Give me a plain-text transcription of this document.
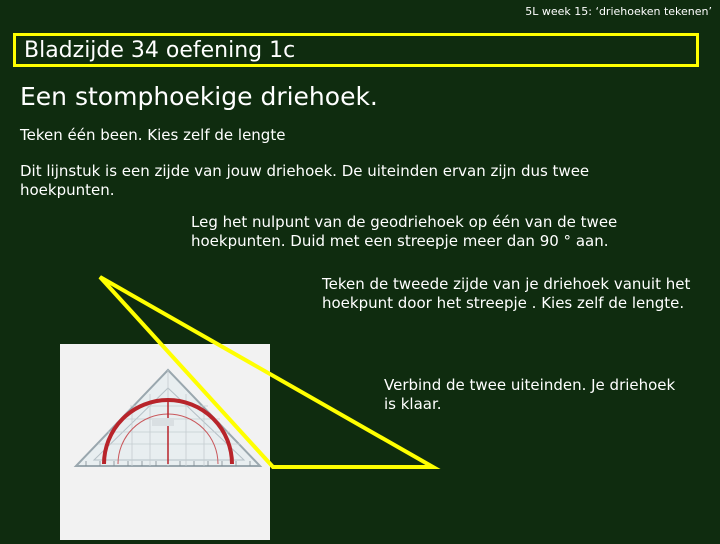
5L week 15: ‘driehoeken tekenen’
Bladzijde 34 oefening 1c
Een stomphoekige driehoek.
Teken één been. Kies zelf de lengte
Dit lijnstuk is een zijde van jouw driehoek. De uiteinden ervan zijn dus twee hoekpunten.
Leg het nulpunt van de geodriehoek op één van de twee hoekpunten. Duid met een streepje meer dan 90 ° aan.
Teken de tweede zijde van je driehoek vanuit het hoekpunt door het streepje . Kies zelf de lengte.
Verbind de twee uiteinden. Je driehoek is klaar.
